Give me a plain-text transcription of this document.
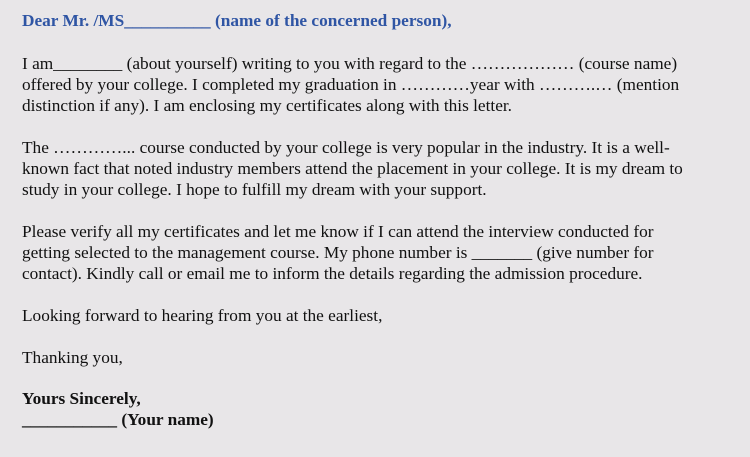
Dear Mr. /MS__________ (name of the concerned person),
I am________ (about yourself) writing to you with regard to the ……………… (course name)
offered by your college. I completed my graduation in …………year with ……….… (mention
distinction if any). I am enclosing my certificates along with this letter.
The …………... course conducted by your college is very popular in the industry. It is a well-
known fact that noted industry members attend the placement in your college. It is my dream to
study in your college. I hope to fulfill my dream with your support.
Please verify all my certificates and let me know if I can attend the interview conducted for
getting selected to the management course. My phone number is _______ (give number for
contact). Kindly call or email me to inform the details regarding the admission procedure.
Looking forward to hearing from you at the earliest,
Thanking you,
Yours Sincerely,
___________ (Your name)
